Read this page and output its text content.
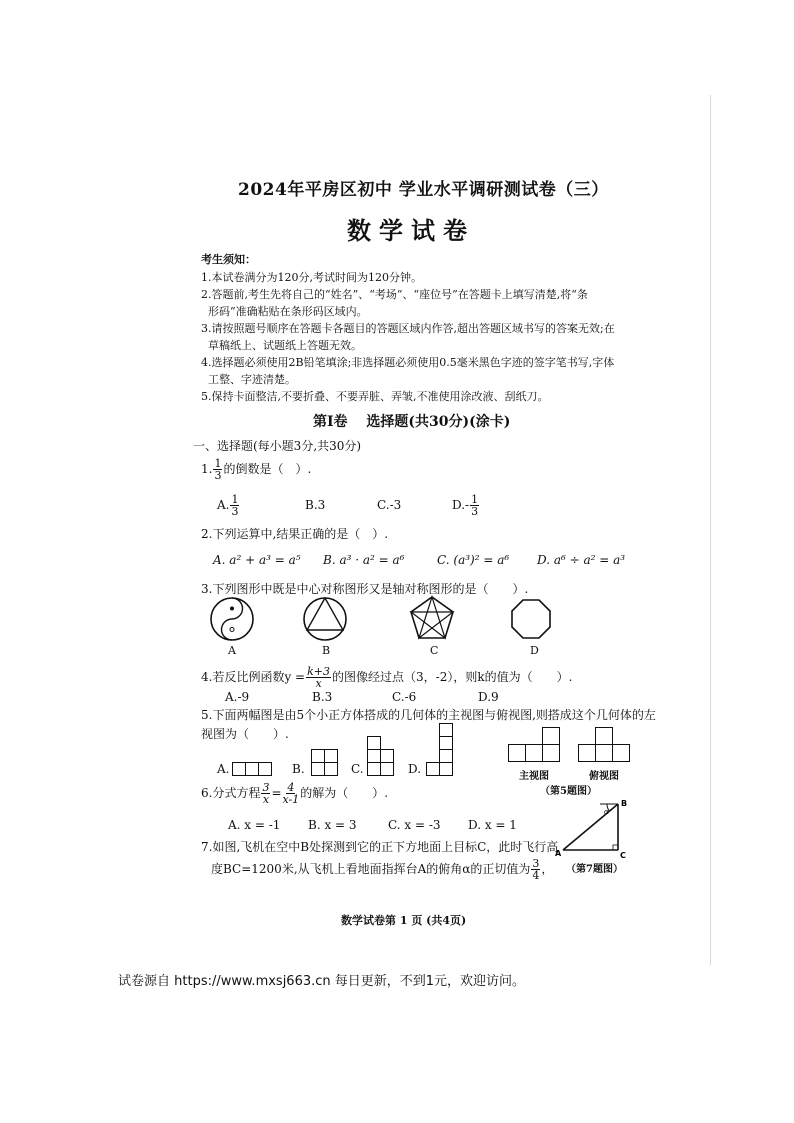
2024年平房区初中 学业水平调研测试卷（三）
数学试卷
考生须知：
1.本试卷满分为120分,考试时间为120分钟。
2.答题前,考生先将自己的“姓名”、“考场”、“座位号”在答题卡上填写清楚,将“条
形码”准确粘贴在条形码区域内。
3.请按照题号顺序在答题卡各题目的答题区域内作答,超出答题区域书写的答案无效;在
草稿纸上、试题纸上答题无效。
4.选择题必须使用2B铅笔填涂;非选择题必须使用0.5毫米黑色字迹的签字笔书写,字体
工整、字迹清楚。
5.保持卡面整洁,不要折叠、不要弄脏、弄皱,不准使用涂改液、刮纸刀。
第Ⅰ卷　 选择题(共30分)(涂卡)
一、选择题(每小题3分,共30分)
1. $\frac{1}{3}$ 的倒数是（　）.
A. $\frac{1}{3}$	B.3	C.-3	$D.- \frac{1}{3}$
2.下列运算中,结果正确的是（　）.
A. a² + a³ = a⁵ B. a³ · a² = a⁶	C. (a³)² = a⁶ D. a⁶ ÷ a² = a³
3.下列图形中既是中心对称图形又是轴对称图形的是（　　）.
A	B	C	D
4.若反比例函数$y = \frac{k+3}{x}$ 的图像经过点（3，-2），则k的值为（　　）.
A.-9	B.3	C.-6	D.9
5.下面两幅图是由5个小正方体搭成的几何体的主视图与俯视图,则搭成这个几何体的左
视图为（　　）.
A.	B.	C.	D.
主视图	俯视图
（第5题图）
6.分式方程 $\frac{3}{x} = \frac{4}{x-1}$ 的解为（　　）.
A. x = -1 B. x = 3	C. x = -3 D. x = 1
7.如图,飞机在空中B处探测到它的正下方地面上目标C，此时飞行高
度BC=1200米,从飞机上看地面指挥台A的俯角α的正切值为 $\frac{3}{4}$ ，
B
A	C
α
（第7题图）
数学试卷第 1 页 (共4页)
试卷源自 https://www.mxsj663.cn 每日更新，不到1元，欢迎访问。
